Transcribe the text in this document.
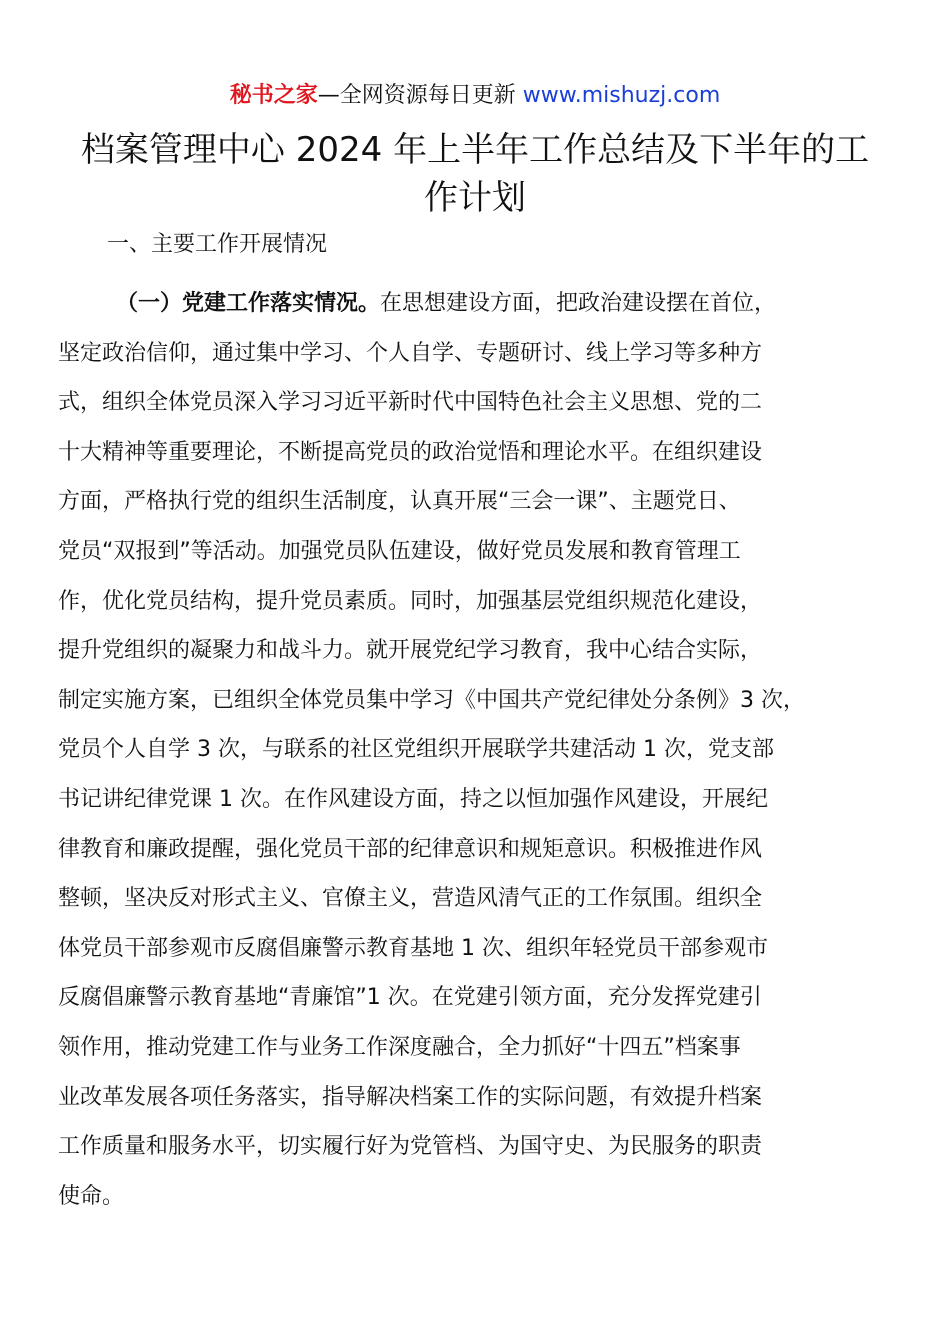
秘书之家—全网资源每日更新 www.mishuzj.com
档案管理中心 2024 年上半年工作总结及下半年的工
作计划
一、主要工作开展情况
（一）党建工作落实情况。在思想建设方面，把政治建设摆在首位，
坚定政治信仰，通过集中学习、个人自学、专题研讨、线上学习等多种方
式，组织全体党员深入学习习近平新时代中国特色社会主义思想、党的二
十大精神等重要理论，不断提高党员的政治觉悟和理论水平。在组织建设
方面，严格执行党的组织生活制度，认真开展“三会一课”、主题党日、
党员“双报到”等活动。加强党员队伍建设，做好党员发展和教育管理工
作，优化党员结构，提升党员素质。同时，加强基层党组织规范化建设，
提升党组织的凝聚力和战斗力。就开展党纪学习教育，我中心结合实际，
制定实施方案，已组织全体党员集中学习《中国共产党纪律处分条例》3 次，
党员个人自学 3 次，与联系的社区党组织开展联学共建活动 1 次，党支部
书记讲纪律党课 1 次。在作风建设方面，持之以恒加强作风建设，开展纪
律教育和廉政提醒，强化党员干部的纪律意识和规矩意识。积极推进作风
整顿，坚决反对形式主义、官僚主义，营造风清气正的工作氛围。组织全
体党员干部参观市反腐倡廉警示教育基地 1 次、组织年轻党员干部参观市
反腐倡廉警示教育基地“青廉馆”1 次。在党建引领方面，充分发挥党建引
领作用，推动党建工作与业务工作深度融合，全力抓好“十四五”档案事
业改革发展各项任务落实，指导解决档案工作的实际问题，有效提升档案
工作质量和服务水平，切实履行好为党管档、为国守史、为民服务的职责
使命。
